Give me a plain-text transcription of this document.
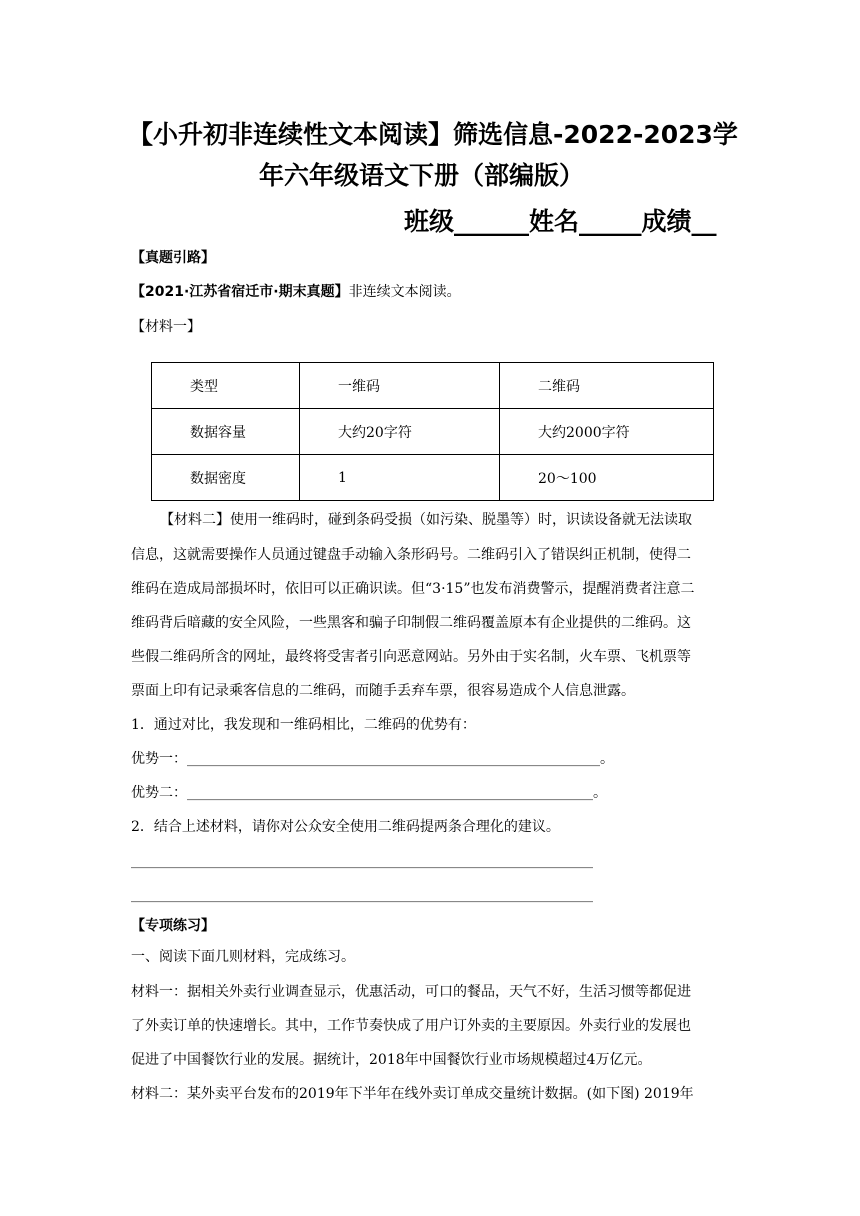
【小升初非连续性文本阅读】筛选信息-2022-2023学
年六年级语文下册（部编版）
班级______姓名_____成绩__
【真题引路】
【2021·江苏省宿迁市·期末真题】非连续文本阅读。
【材料一】
类型	一维码	二维码
数据容量	大约20字符	大约2000字符
数据密度	1	20～100
【材料二】使用一维码时，碰到条码受损（如污染、脱墨等）时，识读设备就无法读取
信息，这就需要操作人员通过键盘手动输入条形码号。二维码引入了错误纠正机制，使得二
维码在造成局部损坏时，依旧可以正确识读。但“3·15”也发布消费警示，提醒消费者注意二
维码背后暗藏的安全风险，一些黑客和骗子印制假二维码覆盖原本有企业提供的二维码。这
些假二维码所含的网址，最终将受害者引向恶意网站。另外由于实名制，火车票、飞机票等
票面上印有记录乘客信息的二维码，而随手丢弃车票，很容易造成个人信息泄露。
1．通过对比，我发现和一维码相比，二维码的优势有：
优势一：___________________________________________________________。
优势二：__________________________________________________________。
2．结合上述材料，请你对公众安全使用二维码提两条合理化的建议。
__________________________________________________________________
__________________________________________________________________
【专项练习】
一、阅读下面几则材料，完成练习。
材料一：据相关外卖行业调查显示，优惠活动，可口的餐品，天气不好，生活习惯等都促进
了外卖订单的快速增长。其中，工作节奏快成了用户订外卖的主要原因。外卖行业的发展也
促进了中国餐饮行业的发展。据统计，2018年中国餐饮行业市场规模超过4万亿元。
材料二：某外卖平台发布的2019年下半年在线外卖订单成交量统计数据。(如下图) 2019年
